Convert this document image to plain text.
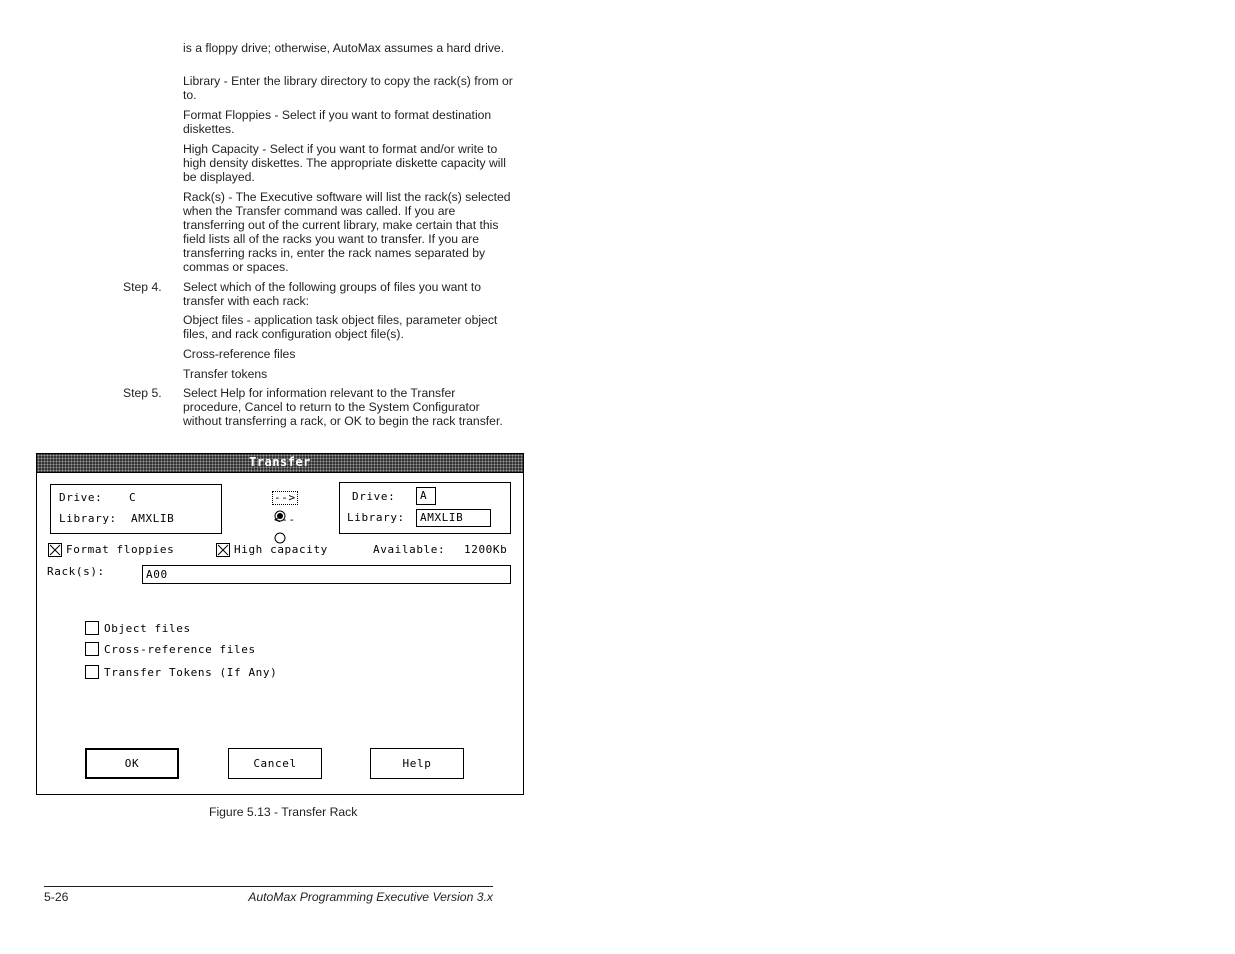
is a floppy drive; otherwise, AutoMax assumes a hard drive.

Library - Enter the library directory to copy the rack(s) from or to.

Format Floppies - Select if you want to format destination diskettes.

High Capacity - Select if you want to format and/or write to high density diskettes. The appropriate diskette capacity will be displayed.

Rack(s) - The Executive software will list the rack(s) selected when the Transfer command was called. If you are transferring out of the current library, make certain that this field lists all of the racks you want to transfer. If you are transferring racks in, enter the rack names separated by commas or spaces.

Step 4. Select which of the following groups of files you want to transfer with each rack:

Object files - application task object files, parameter object files, and rack configuration object file(s).

Cross-reference files

Transfer tokens

Step 5. Select Help for information relevant to the Transfer procedure, Cancel to return to the System Configurator without transferring a rack, or OK to begin the rack transfer.

Transfer
Drive: C
Library: AMXLIB

-->

<--
Drive: A
Library: AMXLIB
Format floppies	High capacity	Available: 1200Kb
Rack(s):	A00
Object files
Cross-reference files
Transfer Tokens (If Any)
OK	Cancel	Help
Figure 5.13 - Transfer Rack
5-26	AutoMax Programming Executive Version 3.x
